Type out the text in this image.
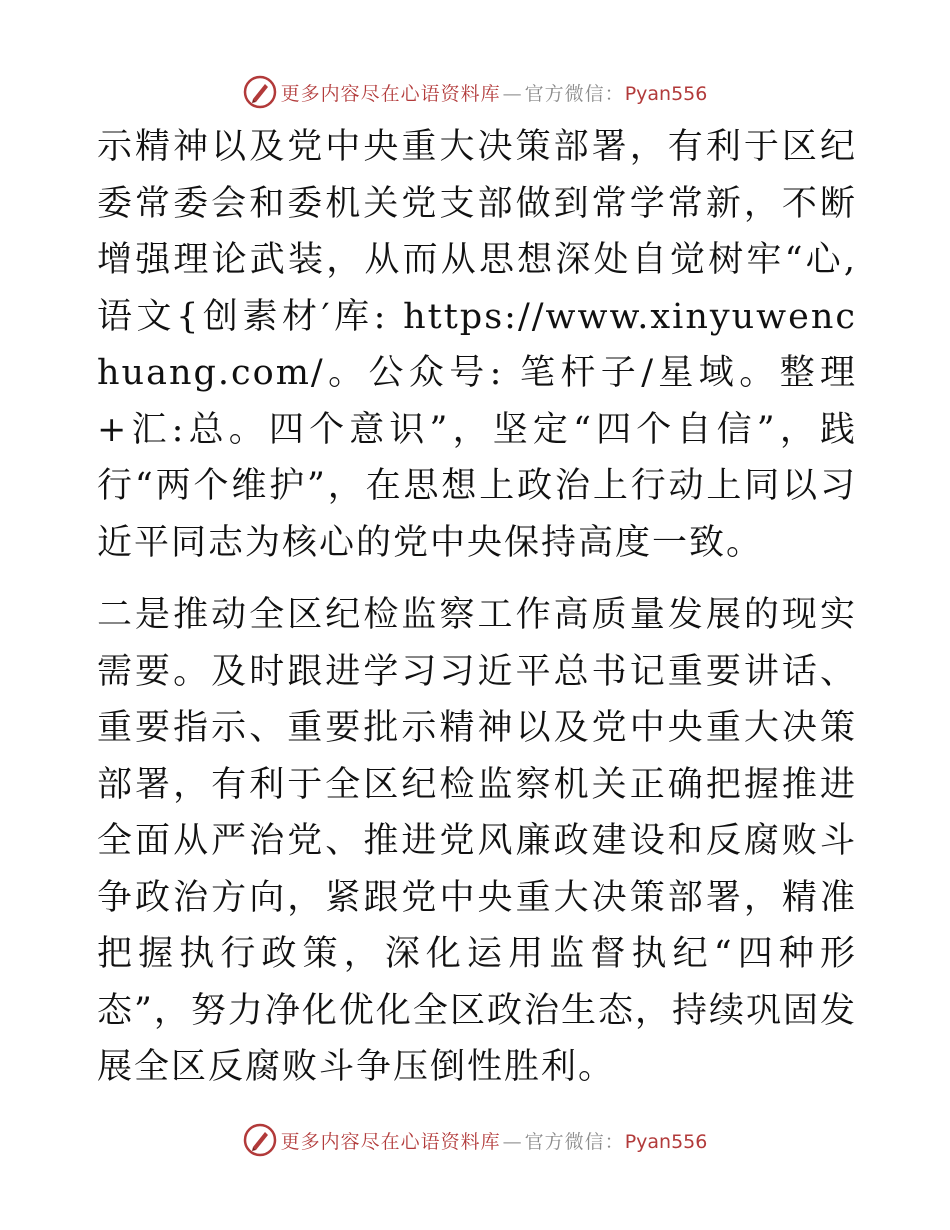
更多内容尽在心语资料库 — 官方微信：Pyan556

示精神以及党中央重大决策部署，有利于区纪委常委会和委机关党支部做到常学常新，不断增强理论武装，从而从思想深处自觉树牢“心,语文{创素材′库: https://www.xinyuwenchuang.com/。公众号: 笔杆子/星域。整理+汇:总。四个意识”，坚定“四个自信”，践行“两个维护”，在思想上政治上行动上同以习近平同志为核心的党中央保持高度一致。

二是推动全区纪检监察工作高质量发展的现实需要。及时跟进学习习近平总书记重要讲话、重要指示、重要批示精神以及党中央重大决策部署，有利于全区纪检监察机关正确把握推进全面从严治党、推进党风廉政建设和反腐败斗争政治方向，紧跟党中央重大决策部署，精准把握执行政策，深化运用监督执纪“四种形态”，努力净化优化全区政治生态，持续巩固发展全区反腐败斗争压倒性胜利。

更多内容尽在心语资料库 — 官方微信：Pyan556
